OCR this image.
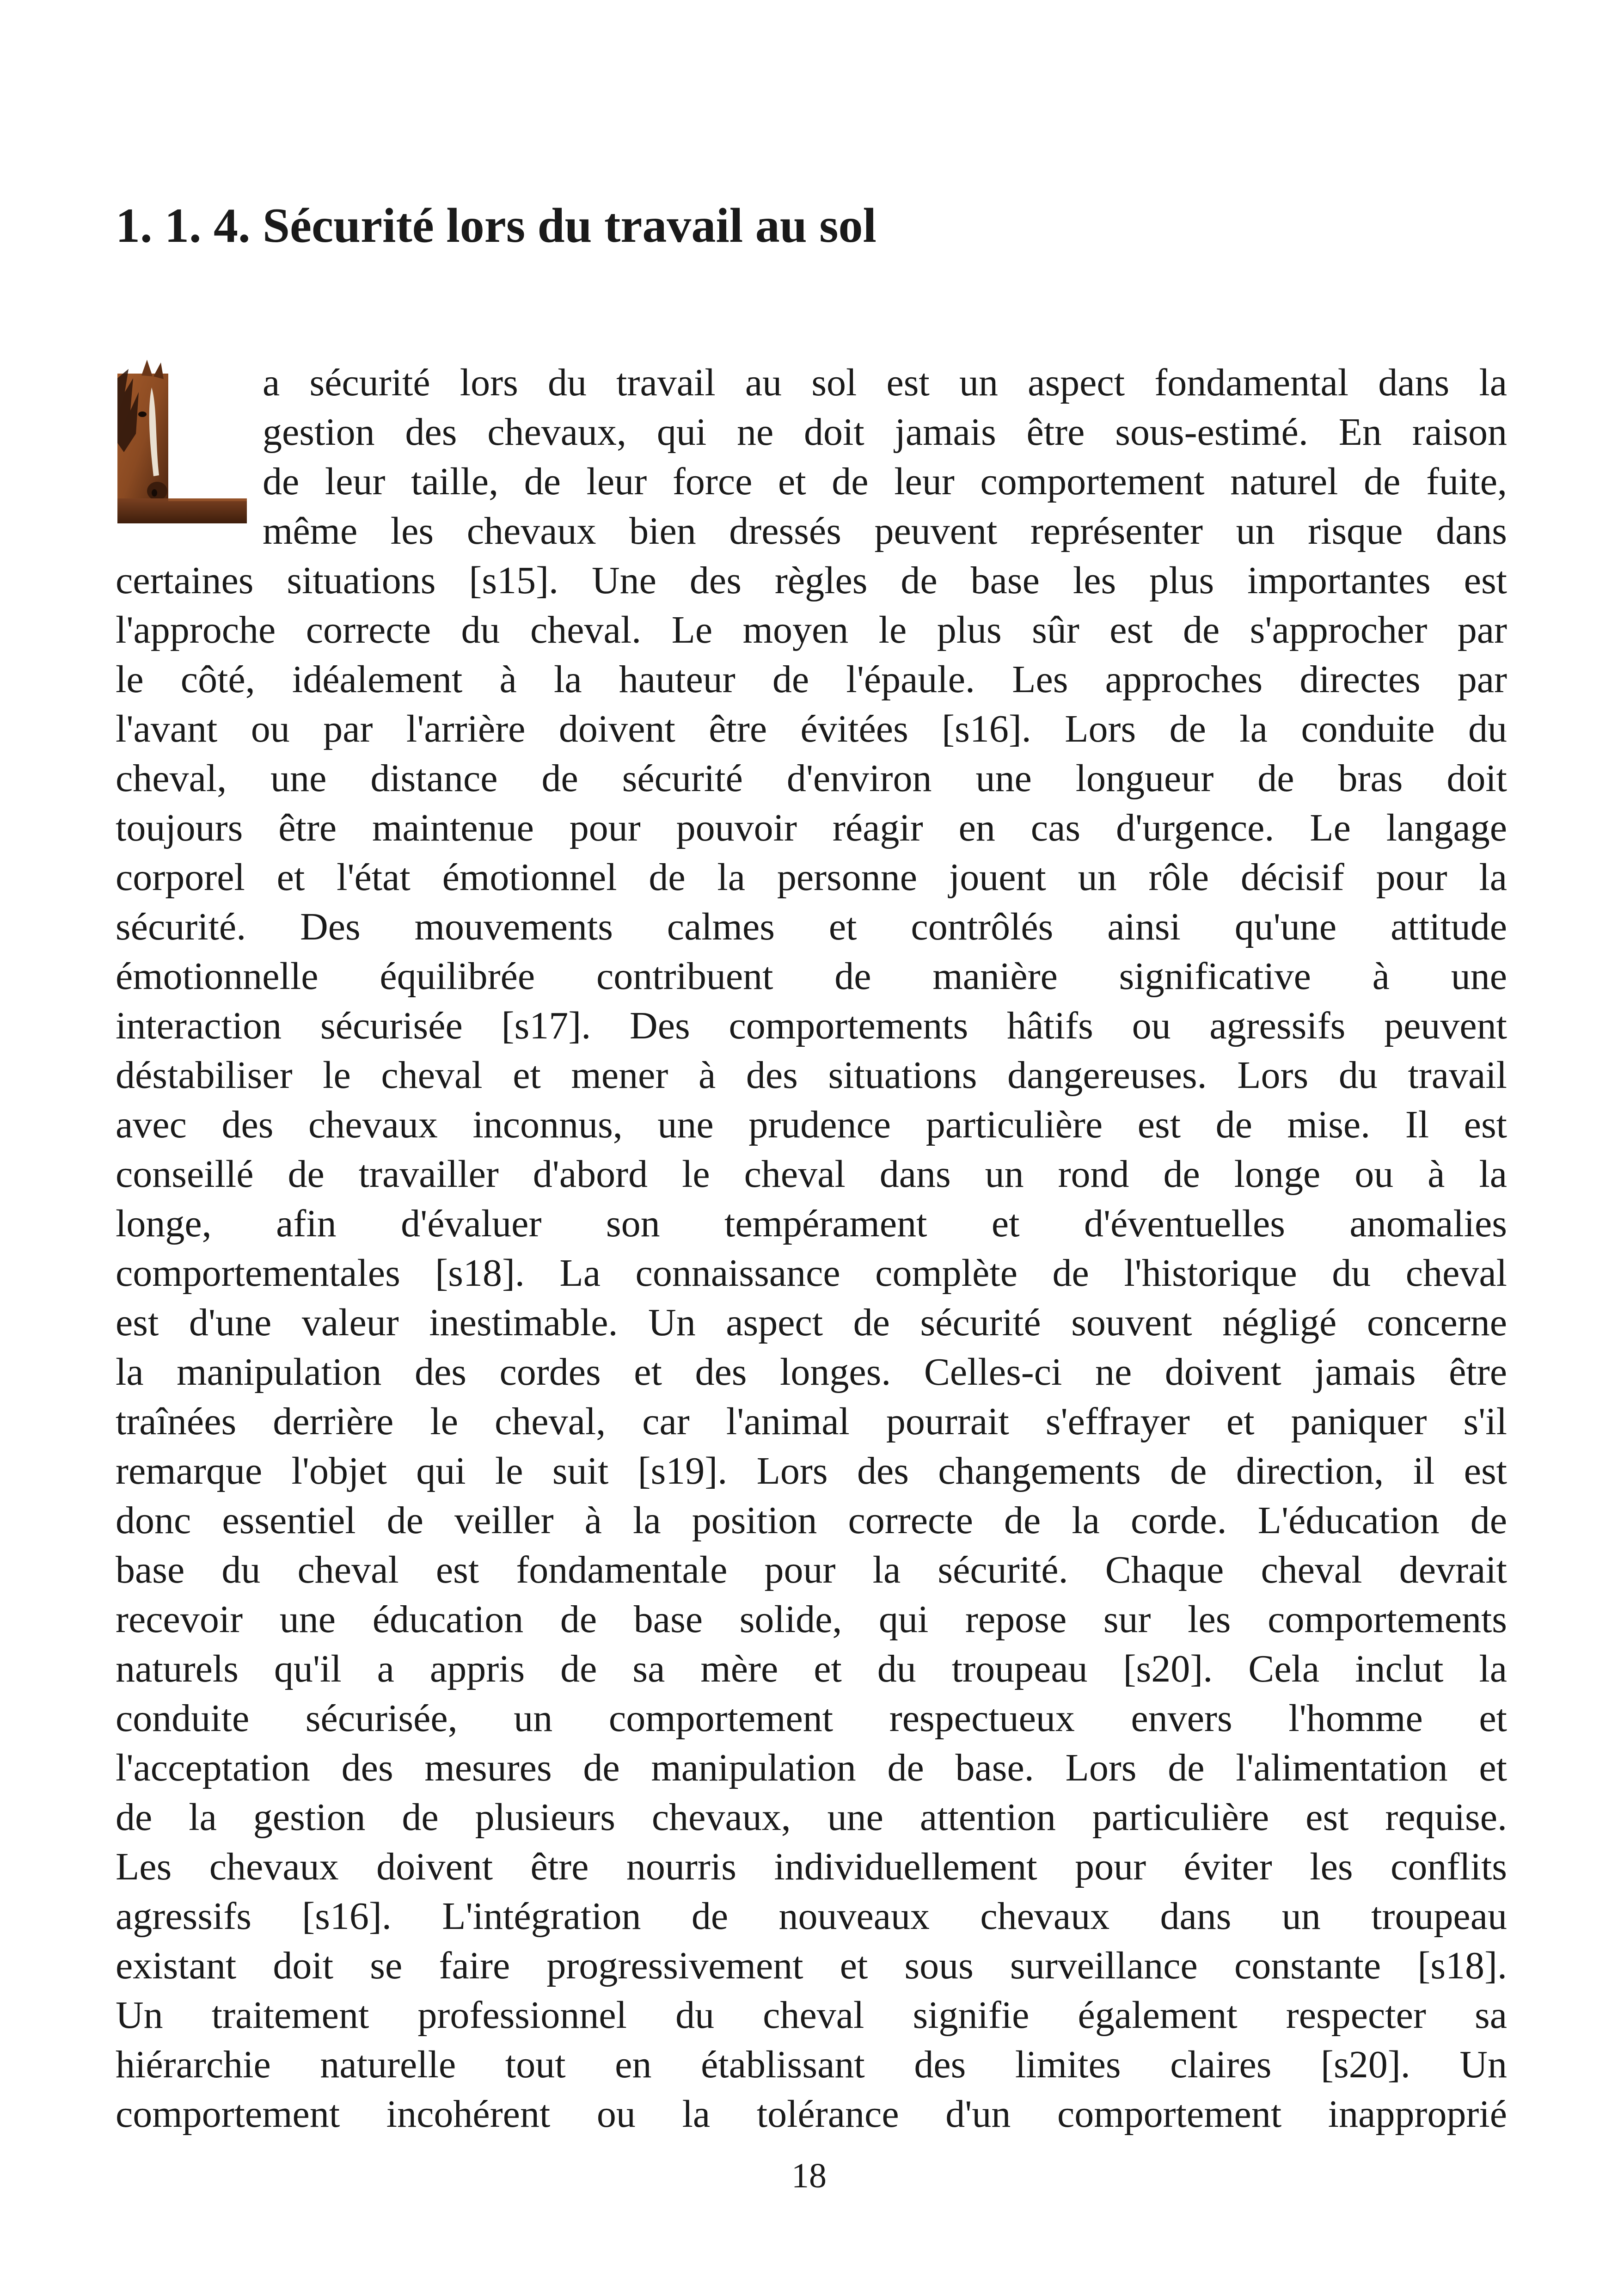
1. 1. 4. Sécurité lors du travail au sol
a sécurité lors du travail au sol est un aspect fondamental dans la
gestion des chevaux, qui ne doit jamais être sous-estimé. En raison
de leur taille, de leur force et de leur comportement naturel de fuite,
même les chevaux bien dressés peuvent représenter un risque dans
certaines situations [s15]. Une des règles de base les plus importantes est
l'approche correcte du cheval. Le moyen le plus sûr est de s'approcher par
le côté, idéalement à la hauteur de l'épaule. Les approches directes par
l'avant ou par l'arrière doivent être évitées [s16]. Lors de la conduite du
cheval, une distance de sécurité d'environ une longueur de bras doit
toujours être maintenue pour pouvoir réagir en cas d'urgence. Le langage
corporel et l'état émotionnel de la personne jouent un rôle décisif pour la
sécurité. Des mouvements calmes et contrôlés ainsi qu'une attitude
émotionnelle équilibrée contribuent de manière significative à une
interaction sécurisée [s17]. Des comportements hâtifs ou agressifs peuvent
déstabiliser le cheval et mener à des situations dangereuses. Lors du travail
avec des chevaux inconnus, une prudence particulière est de mise. Il est
conseillé de travailler d'abord le cheval dans un rond de longe ou à la
longe, afin d'évaluer son tempérament et d'éventuelles anomalies
comportementales [s18]. La connaissance complète de l'historique du cheval
est d'une valeur inestimable. Un aspect de sécurité souvent négligé concerne
la manipulation des cordes et des longes. Celles-ci ne doivent jamais être
traînées derrière le cheval, car l'animal pourrait s'effrayer et paniquer s'il
remarque l'objet qui le suit [s19]. Lors des changements de direction, il est
donc essentiel de veiller à la position correcte de la corde. L'éducation de
base du cheval est fondamentale pour la sécurité. Chaque cheval devrait
recevoir une éducation de base solide, qui repose sur les comportements
naturels qu'il a appris de sa mère et du troupeau [s20]. Cela inclut la
conduite sécurisée, un comportement respectueux envers l'homme et
l'acceptation des mesures de manipulation de base. Lors de l'alimentation et
de la gestion de plusieurs chevaux, une attention particulière est requise.
Les chevaux doivent être nourris individuellement pour éviter les conflits
agressifs [s16]. L'intégration de nouveaux chevaux dans un troupeau
existant doit se faire progressivement et sous surveillance constante [s18].
Un traitement professionnel du cheval signifie également respecter sa
hiérarchie naturelle tout en établissant des limites claires [s20]. Un
comportement incohérent ou la tolérance d'un comportement inapproprié
18
